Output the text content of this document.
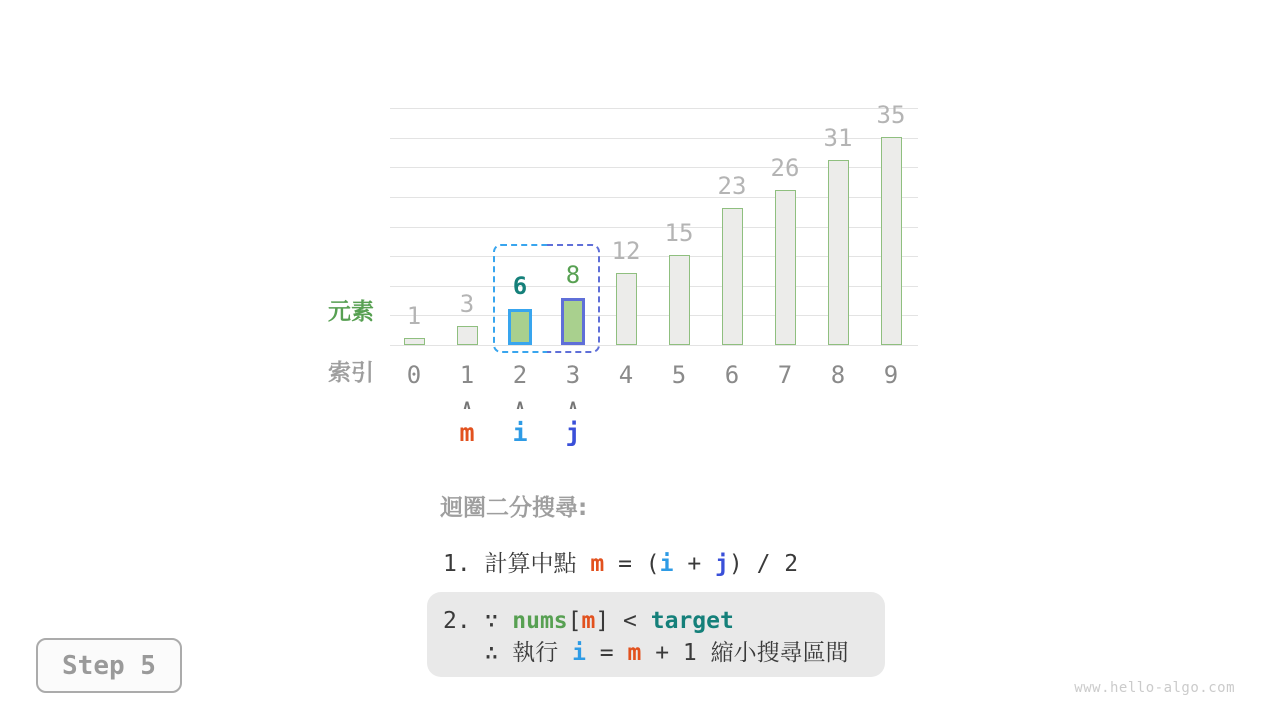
1	3
6	8
12
15
23
26
31
35
0	1	2	3	4	5	6	7	8	9
∧
m
∧
i
∧
j
元素
索引
迴圈二分搜尋:
1. 計算中點 m = (i + j) / 2
2. ∵ nums[m] < target
∴ 執行 i = m + 1 縮小搜尋區間
Step 5
www.hello-algo.com
